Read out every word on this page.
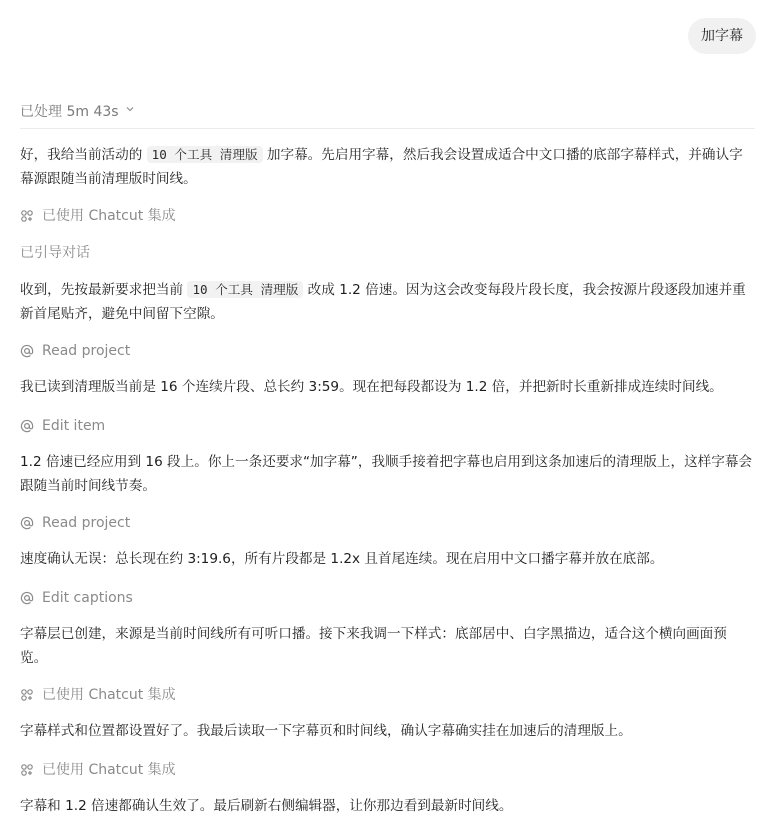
加字幕
已处理 5m 43s
好，我给当前活动的 10 个工具 清理版 加字幕。先启用字幕，然后我会设置成适合中文口播的底部字幕样式，并确认字幕源跟随当前清理版时间线。
已使用 Chatcut 集成
已引导对话
收到，先按最新要求把当前 10 个工具 清理版 改成 1.2 倍速。因为这会改变每段片段长度，我会按源片段逐段加速并重新首尾贴齐，避免中间留下空隙。
Read project
我已读到清理版当前是 16 个连续片段、总长约 3:59。现在把每段都设为 1.2 倍，并把新时长重新排成连续时间线。
Edit item
1.2 倍速已经应用到 16 段上。你上一条还要求“加字幕”，我顺手接着把字幕也启用到这条加速后的清理版上，这样字幕会跟随当前时间线节奏。
Read project
速度确认无误：总长现在约 3:19.6，所有片段都是 1.2x 且首尾连续。现在启用中文口播字幕并放在底部。
Edit captions
字幕层已创建，来源是当前时间线所有可听口播。接下来我调一下样式：底部居中、白字黑描边，适合这个横向画面预览。
已使用 Chatcut 集成
字幕样式和位置都设置好了。我最后读取一下字幕页和时间线，确认字幕确实挂在加速后的清理版上。
已使用 Chatcut 集成
字幕和 1.2 倍速都确认生效了。最后刷新右侧编辑器，让你那边看到最新时间线。
